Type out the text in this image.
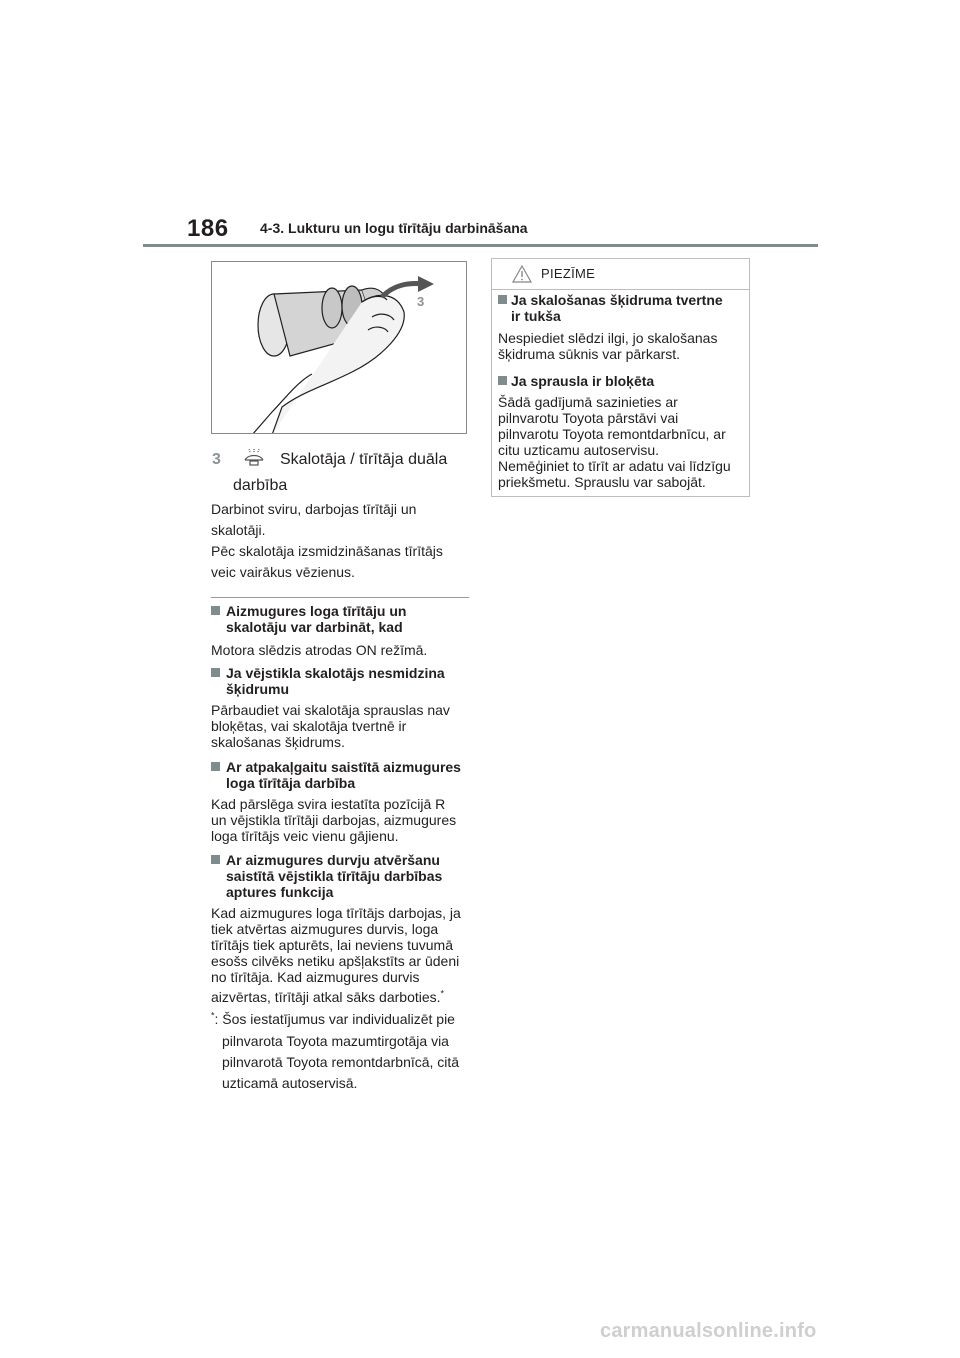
186 4-3. Lukturu un logu tīrītāju darbināšana
3
3	Skalotāja / tīrītāja duāla
darbība

Darbinot sviru, darbojas tīrītāji un

skalotāji.

Pēc skalotāja izsmidzināšanas tīrītājs

veic vairākus vēzienus.

Aizmugures loga tīrītāju un
skalotāju var darbināt, kad
Motora slēdzis atrodas ON režīmā.
Ja vējstikla skalotājs nesmidzina
šķidrumu
Pārbaudiet vai skalotāja sprauslas nav
bloķētas, vai skalotāja tvertnē ir
skalošanas šķidrums.
Ar atpakaļgaitu saistītā aizmugures
loga tīrītāja darbība
Kad pārslēga svira iestatīta pozīcijā R
un vējstikla tīrītāji darbojas, aizmugures
loga tīrītājs veic vienu gājienu.
Ar aizmugures durvju atvēršanu
saistītā vējstikla tīrītāju darbības
aptures funkcija
Kad aizmugures loga tīrītājs darbojas, ja
tiek atvērtas aizmugures durvis, loga
tīrītājs tiek apturēts, lai neviens tuvumā
esošs cilvēks netiku apšļakstīts ar ūdeni
no tīrītāja. Kad aizmugures durvis
aizvērtas, tīrītāji atkal sāks darboties.*
*: Šos iestatījumus var individualizēt pie
pilnvarota Toyota mazumtirgotāja via
pilnvarotā Toyota remontdarbnīcā, citā
uzticamā autoservisā.
PIEZĪME
Ja skalošanas šķidruma tvertne
ir tukša
Nespiediet slēdzi ilgi, jo skalošanas
šķidruma sūknis var pārkarst.
Ja sprausla ir bloķēta
Šādā gadījumā sazinieties ar
pilnvarotu Toyota pārstāvi vai
pilnvarotu Toyota remontdarbnīcu, ar
citu uzticamu autoservisu.
Nemēģiniet to tīrīt ar adatu vai līdzīgu
priekšmetu. Sprauslu var sabojāt.
carmanualsonline.info
